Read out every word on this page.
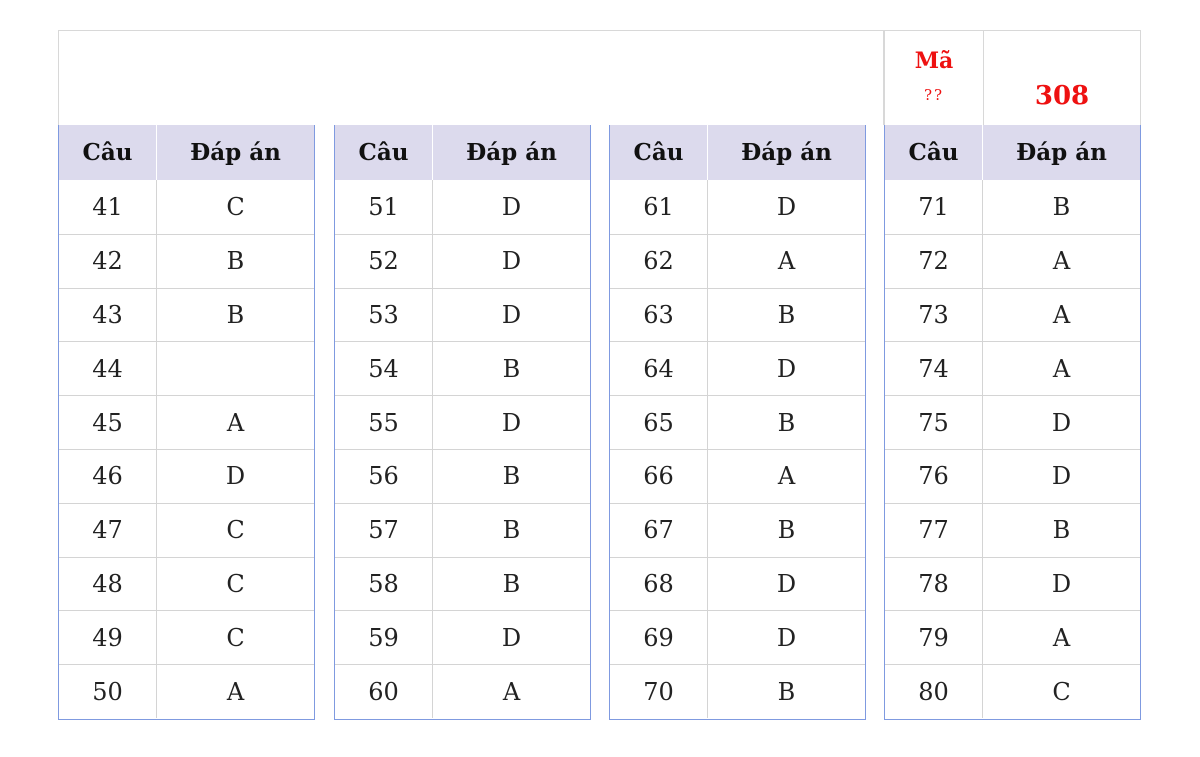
Mã
??	308
Câu	Đáp án
41	C
42	B
43	B
44
45	A
46	D
47	C
48	C
49	C
50	A
Câu	Đáp án
51	D
52	D
53	D
54	B
55	D
56	B
57	B
58	B
59	D
60	A
Câu	Đáp án
61	D
62	A
63	B
64	D
65	B
66	A
67	B
68	D
69	D
70	B
Câu	Đáp án
71	B
72	A
73	A
74	A
75	D
76	D
77	B
78	D
79	A
80	C
